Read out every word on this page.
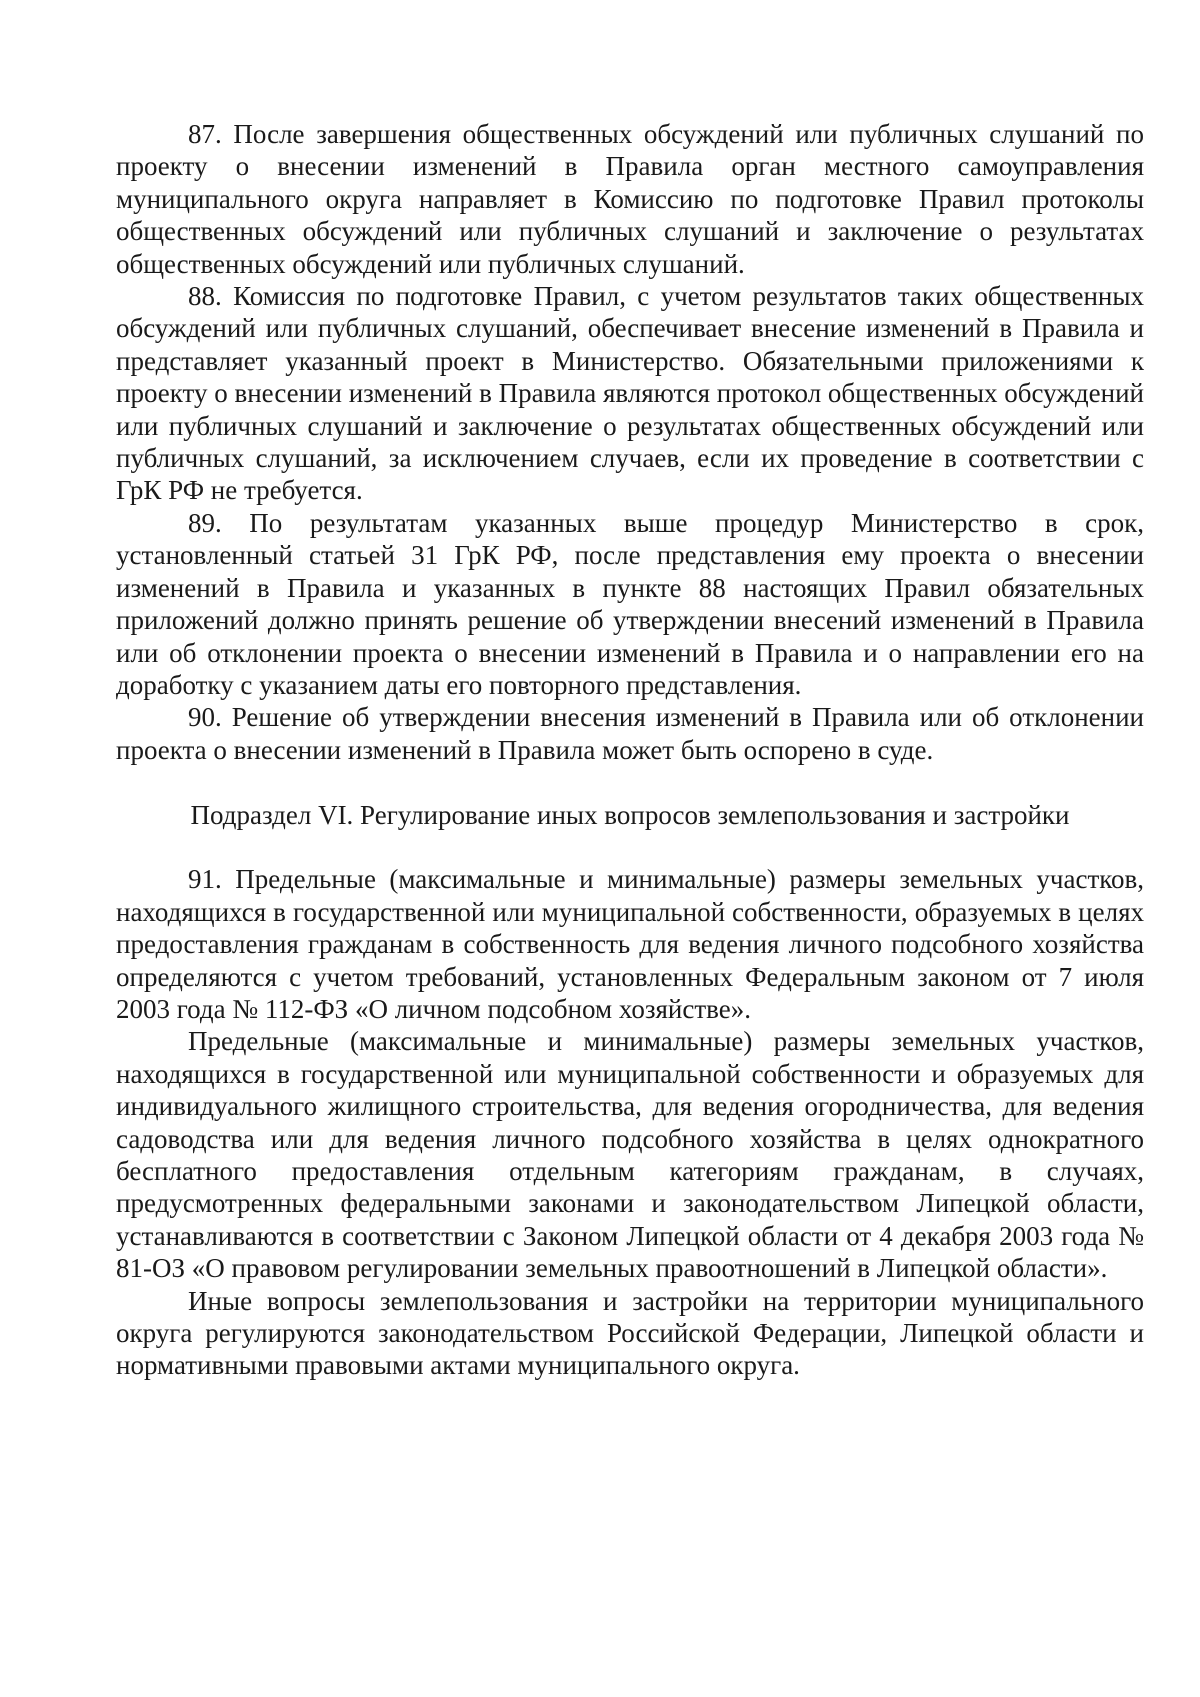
87. После завершения общественных обсуждений или публичных слушаний по проекту о внесении изменений в Правила орган местного самоуправления муниципального округа направляет в Комиссию по подготовке Правил протоколы общественных обсуждений или публичных слушаний и заключение о результатах общественных обсуждений или публичных слушаний.

88. Комиссия по подготовке Правил, с учетом результатов таких общественных обсуждений или публичных слушаний, обеспечивает внесение изменений в Правила и представляет указанный проект в Министерство. Обязательными приложениями к проекту о внесении изменений в Правила являются протокол общественных обсуждений или публичных слушаний и заключение о результатах общественных обсуждений или публичных слушаний, за исключением случаев, если их проведение в соответствии с ГрК РФ не требуется.

89. По результатам указанных выше процедур Министерство в срок, установленный статьей 31 ГрК РФ, после представления ему проекта о внесении изменений в Правила и указанных в пункте 88 настоящих Правил обязательных приложений должно принять решение об утверждении внесений изменений в Правила или об отклонении проекта о внесении изменений в Правила и о направлении его на доработку с указанием даты его повторного представления.

90. Решение об утверждении внесения изменений в Правила или об отклонении проекта о внесении изменений в Правила может быть оспорено в суде.

Подраздел VI. Регулирование иных вопросов землепользования и застройки

91. Предельные (максимальные и минимальные) размеры земельных участков, находящихся в государственной или муниципальной собственности, образуемых в целях предоставления гражданам в собственность для ведения личного подсобного хозяйства определяются с учетом требований, установленных Федеральным законом от 7 июля 2003 года № 112-ФЗ «О личном подсобном хозяйстве».

Предельные (максимальные и минимальные) размеры земельных участков, находящихся в государственной или муниципальной собственности и образуемых для индивидуального жилищного строительства, для ведения огородничества, для ведения садоводства или для ведения личного подсобного хозяйства в целях однократного бесплатного предоставления отдельным категориям гражданам, в случаях, предусмотренных федеральными законами и законодательством Липецкой области, устанавливаются в соответствии с Законом Липецкой области от 4 декабря 2003 года № 81-ОЗ «О правовом регулировании земельных правоотношений в Липецкой области».

Иные вопросы землепользования и застройки на территории муниципального округа регулируются законодательством Российской Федерации, Липецкой области и нормативными правовыми актами муниципального округа.
